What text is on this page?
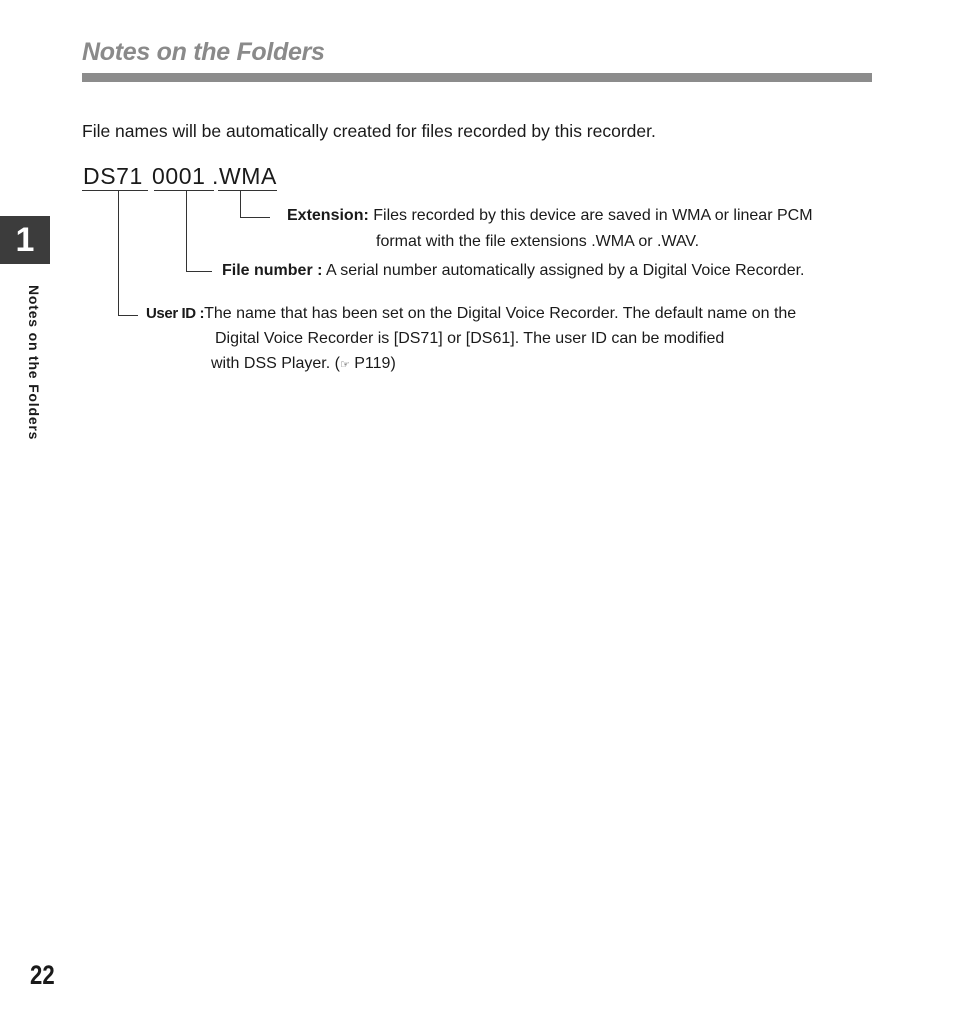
Notes on the Folders
File names will be automatically created for files recorded by this recorder.
DS71 0001 .WMA
Extension: Files recorded by this device are saved in WMA or linear PCM
format with the file extensions .WMA or .WAV.
File number : A serial number automatically assigned by a Digital Voice Recorder.
User ID :The name that has been set on the Digital Voice Recorder. The default name on the
Digital Voice Recorder is [DS71] or [DS61]. The user ID can be modified
with DSS Player. (☞ P119)
1
Notes on the Folders
22
